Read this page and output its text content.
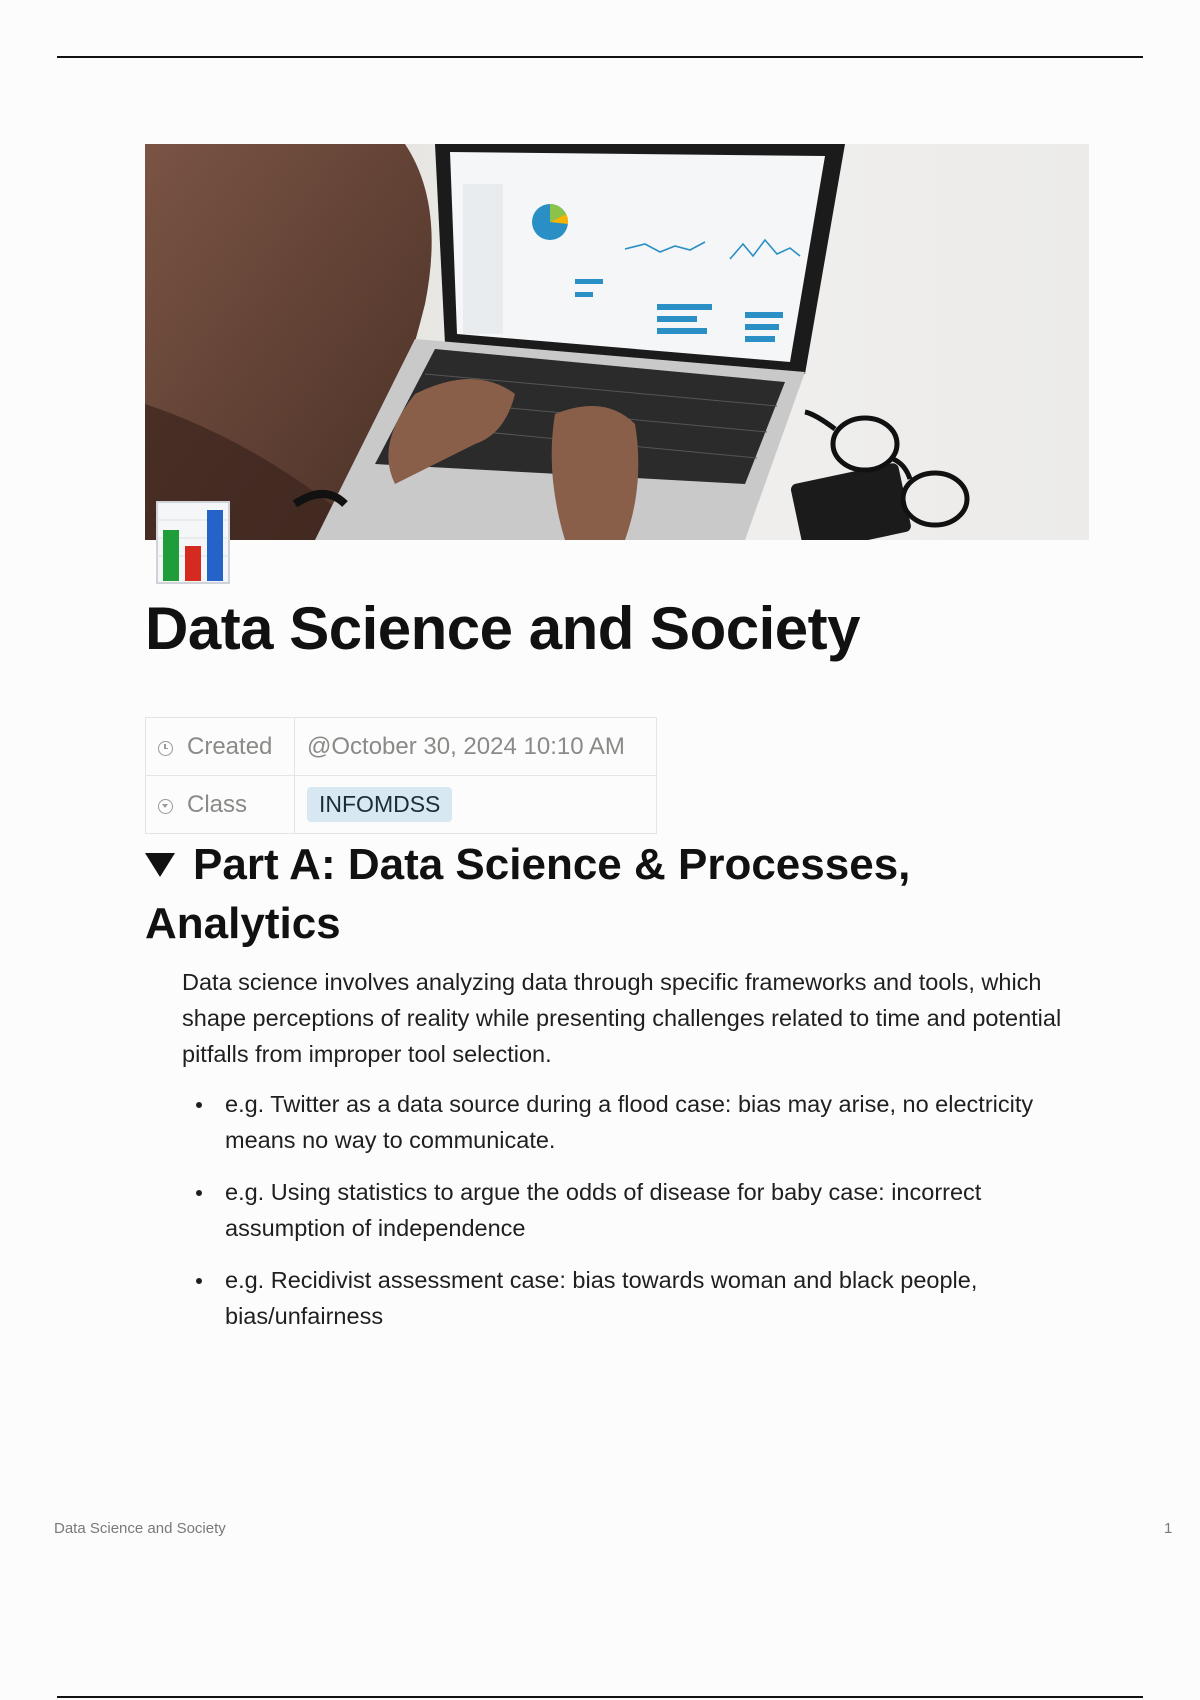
Data Science and Society
Created	@October 30, 2024 10:10 AM

Class	INFOMDSS
Part A: Data Science & Processes, Analytics

Data science involves analyzing data through specific frameworks and tools, which shape perceptions of reality while presenting challenges related to time and potential pitfalls from improper tool selection.

e.g. Twitter as a data source during a flood case: bias may arise, no electricity means no way to communicate.
e.g. Using statistics to argue the odds of disease for baby case: incorrect assumption of independence
e.g. Recidivist assessment case: bias towards woman and black people, bias/unfairness
Data Science and Society	1
